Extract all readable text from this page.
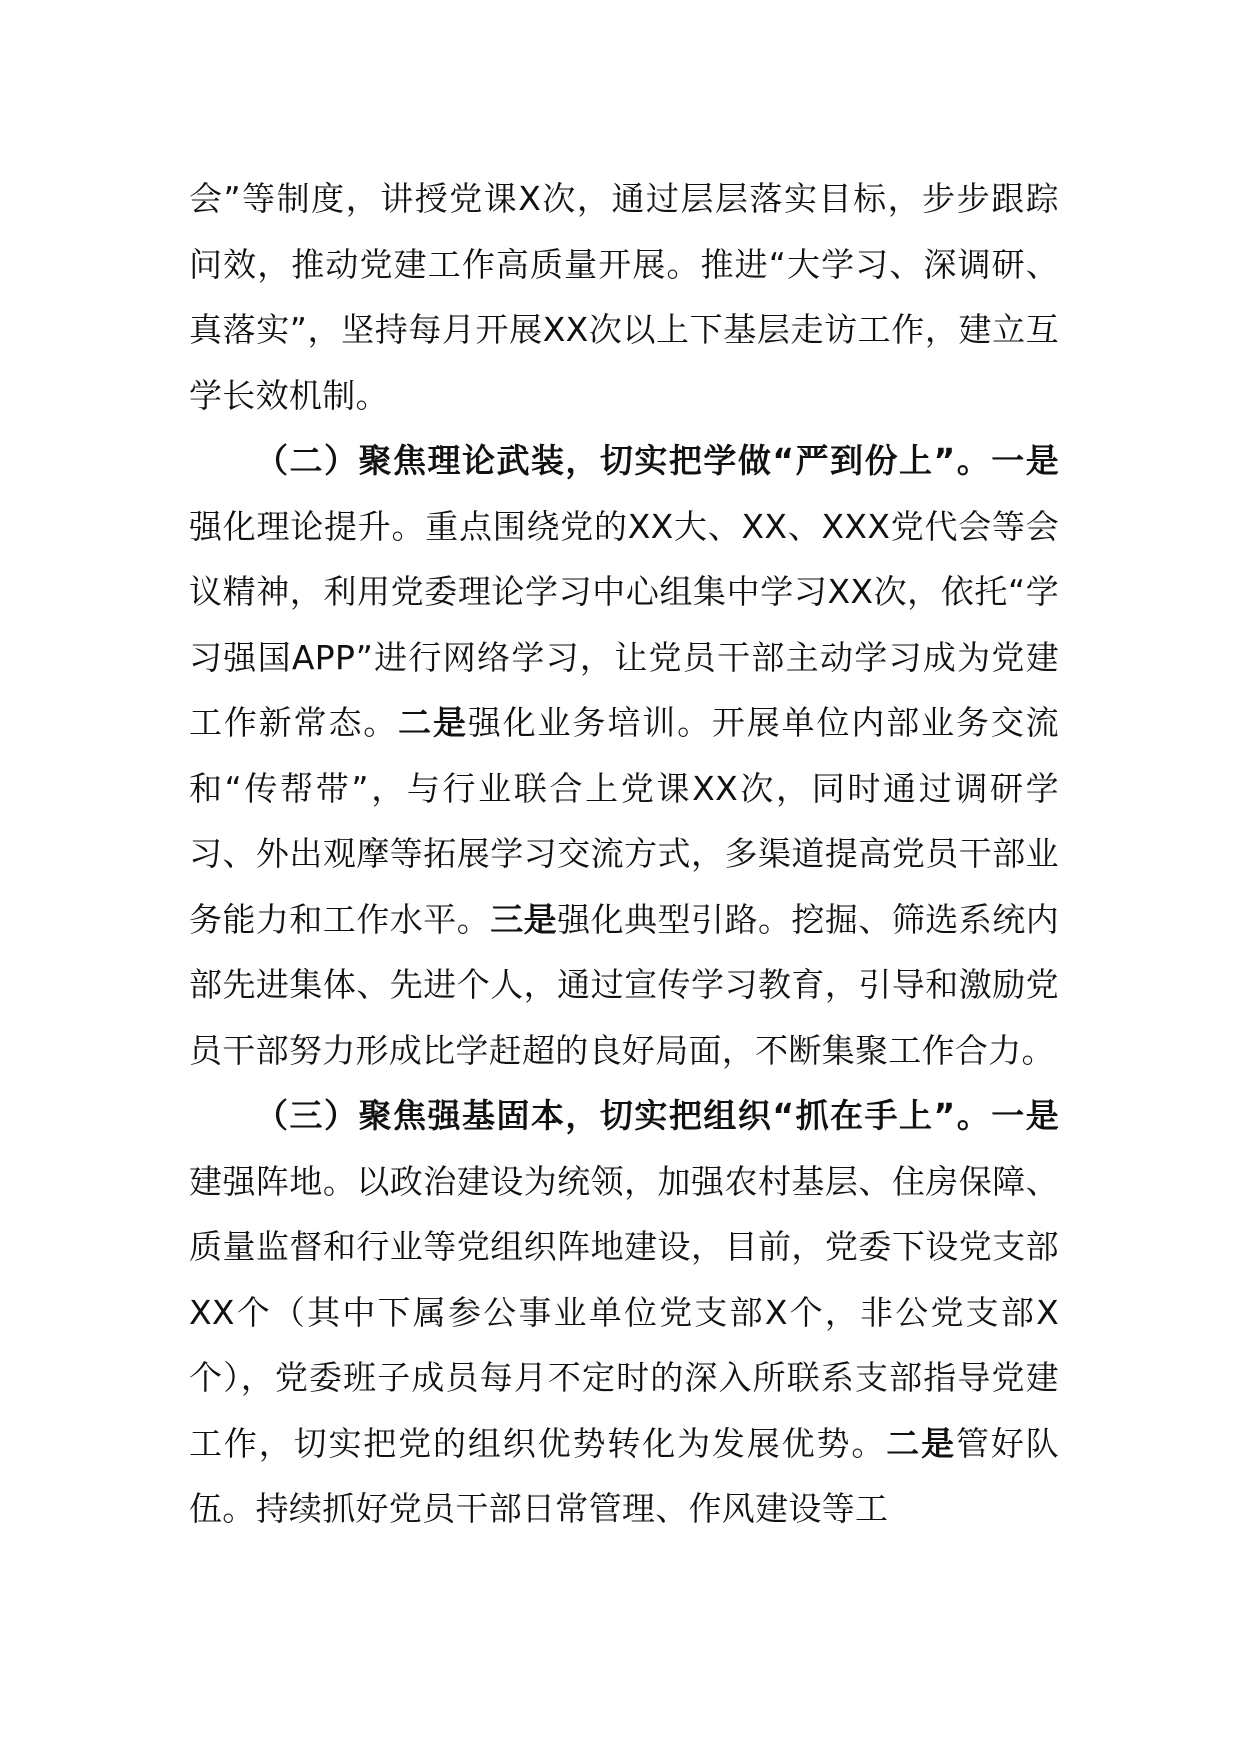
会”等制度，讲授党课X次，通过层层落实目标，步步跟踪问效，推动党建工作高质量开展。推进“大学习、深调研、真落实”，坚持每月开展XX次以上下基层走访工作，建立互学长效机制。

（二）聚焦理论武装，切实把学做“严到份上”。一是强化理论提升。重点围绕党的XX大、XX、XXX党代会等会议精神，利用党委理论学习中心组集中学习XX次，依托“学习强国APP”进行网络学习，让党员干部主动学习成为党建工作新常态。二是强化业务培训。开展单位内部业务交流和“传帮带”，与行业联合上党课XX次，同时通过调研学习、外出观摩等拓展学习交流方式，多渠道提高党员干部业务能力和工作水平。三是强化典型引路。挖掘、筛选系统内部先进集体、先进个人，通过宣传学习教育，引导和激励党员干部努力形成比学赶超的良好局面，不断集聚工作合力。

（三）聚焦强基固本，切实把组织“抓在手上”。一是建强阵地。以政治建设为统领，加强农村基层、住房保障、质量监督和行业等党组织阵地建设，目前，党委下设党支部XX个（其中下属参公事业单位党支部X个，非公党支部X个），党委班子成员每月不定时的深入所联系支部指导党建工作，切实把党的组织优势转化为发展优势。二是管好队伍。持续抓好党员干部日常管理、作风建设等工
